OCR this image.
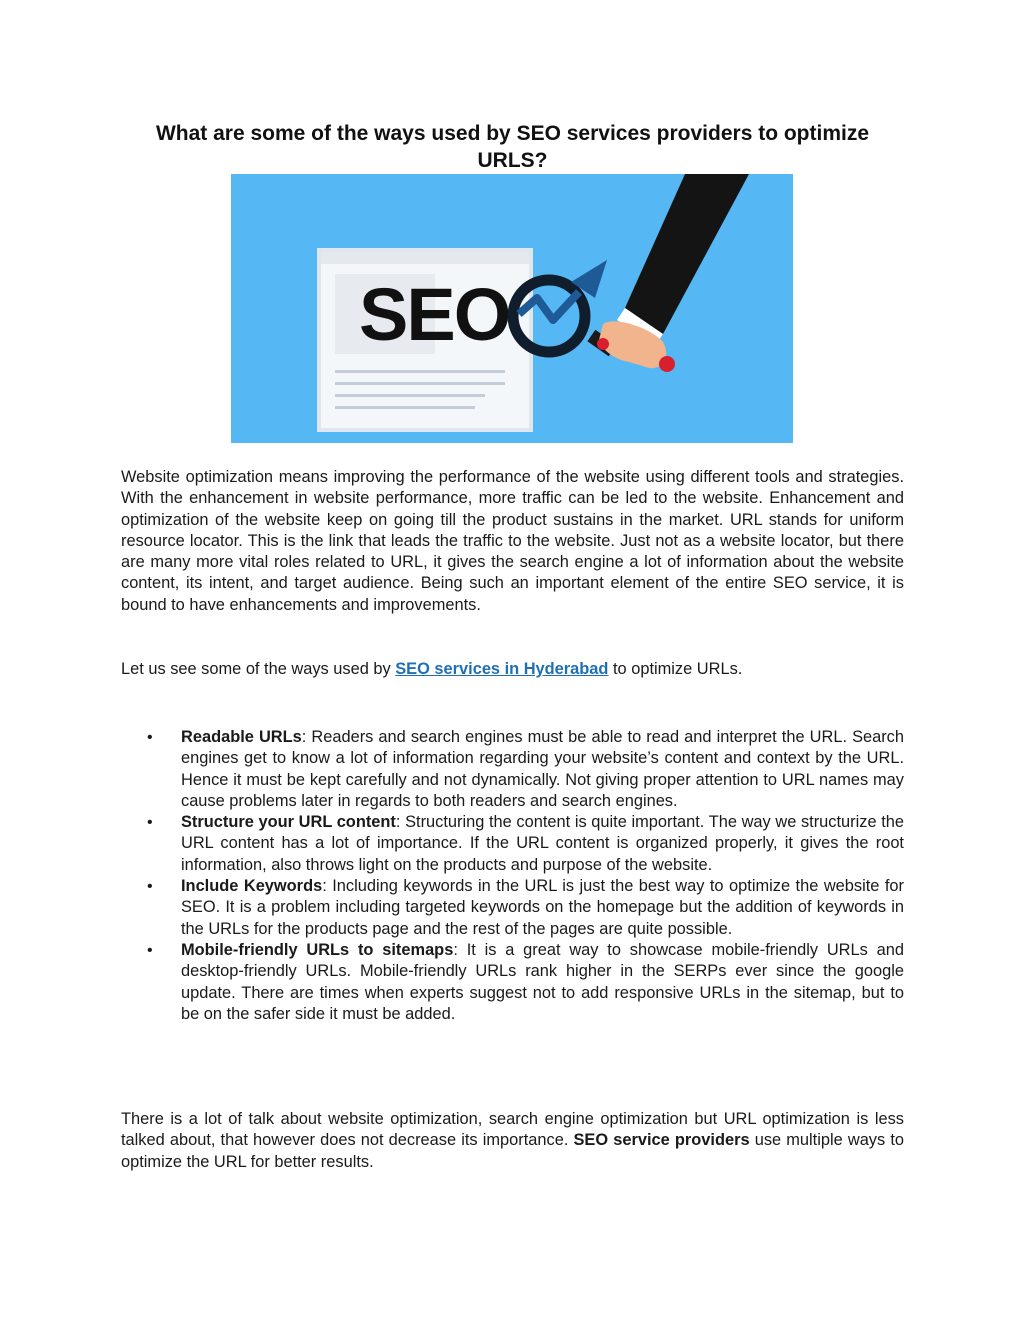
What are some of the ways used by SEO services providers to optimize URLS?
SEO

Website optimization means improving the performance of the website using different tools and strategies. With the enhancement in website performance, more traffic can be led to the website. Enhancement and optimization of the website keep on going till the product sustains in the market. URL stands for uniform resource locator. This is the link that leads the traffic to the website. Just not as a website locator, but there are many more vital roles related to URL, it gives the search engine a lot of information about the website content, its intent, and target audience. Being such an important element of the entire SEO service, it is bound to have enhancements and improvements.

Let us see some of the ways used by SEO services in Hyderabad to optimize URLs.

• Readable URLs: Readers and search engines must be able to read and interpret the URL. Search engines get to know a lot of information regarding your website’s content and context by the URL. Hence it must be kept carefully and not dynamically. Not giving proper attention to URL names may cause problems later in regards to both readers and search engines.
• Structure your URL content: Structuring the content is quite important. The way we structurize the URL content has a lot of importance. If the URL content is organized properly, it gives the root information, also throws light on the products and purpose of the website.
• Include Keywords: Including keywords in the URL is just the best way to optimize the website for SEO. It is a problem including targeted keywords on the homepage but the addition of keywords in the URLs for the products page and the rest of the pages are quite possible.
• Mobile-friendly URLs to sitemaps: It is a great way to showcase mobile-friendly URLs and desktop-friendly URLs. Mobile-friendly URLs rank higher in the SERPs ever since the google update. There are times when experts suggest not to add responsive URLs in the sitemap, but to be on the safer side it must be added.

There is a lot of talk about website optimization, search engine optimization but URL optimization is less talked about, that however does not decrease its importance. SEO service providers use multiple ways to optimize the URL for better results.
